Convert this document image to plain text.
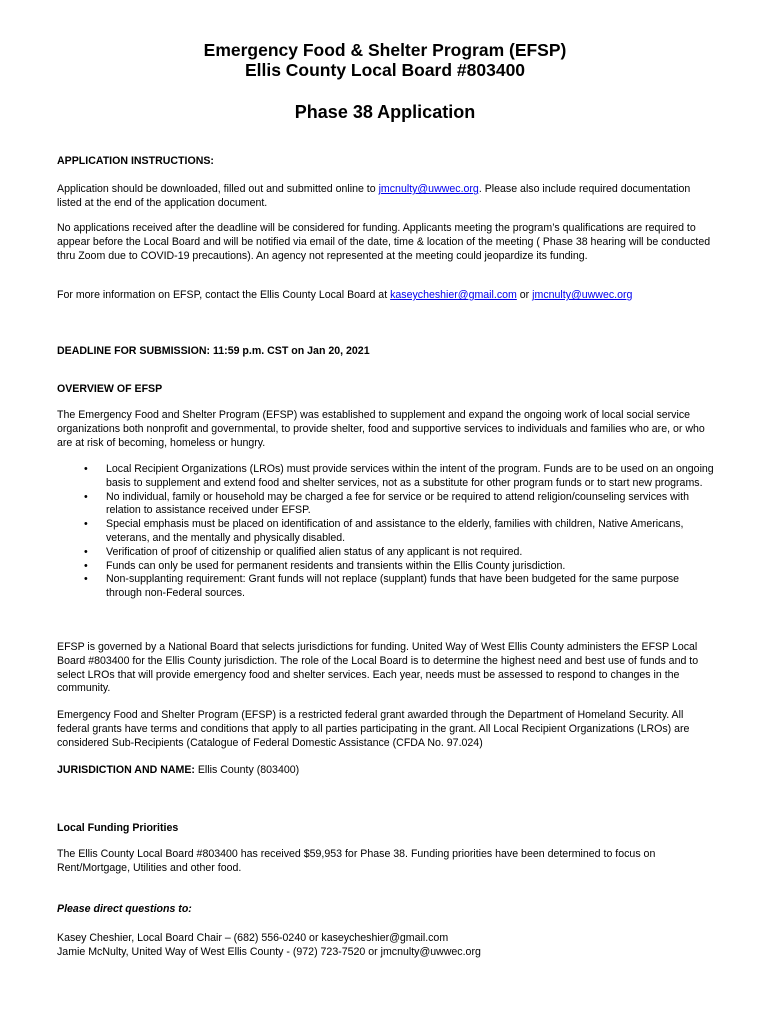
Emergency Food & Shelter Program (EFSP)
Ellis County Local Board #803400
Phase 38 Application
APPLICATION INSTRUCTIONS:
Application should be downloaded, filled out and submitted online to jmcnulty@uwwec.org. Please also include required documentation listed at the end of the application document.
No applications received after the deadline will be considered for funding. Applicants meeting the program’s qualifications are required to appear before the Local Board and will be notified via email of the date, time & location of the meeting ( Phase 38 hearing will be conducted thru Zoom due to COVID-19 precautions). An agency not represented at the meeting could jeopardize its funding.
For more information on EFSP, contact the Ellis County Local Board at kaseycheshier@gmail.com or jmcnulty@uwwec.org
DEADLINE FOR SUBMISSION: 11:59 p.m. CST on Jan 20, 2021
OVERVIEW OF EFSP
The Emergency Food and Shelter Program (EFSP) was established to supplement and expand the ongoing work of local social service organizations both nonprofit and governmental, to provide shelter, food and supportive services to individuals and families who are, or who are at risk of becoming, homeless or hungry.
• Local Recipient Organizations (LROs) must provide services within the intent of the program. Funds are to be used on an ongoing basis to supplement and extend food and shelter services, not as a substitute for other program funds or to start new programs.
• No individual, family or household may be charged a fee for service or be required to attend religion/counseling services with relation to assistance received under EFSP.
• Special emphasis must be placed on identification of and assistance to the elderly, families with children, Native Americans, veterans, and the mentally and physically disabled.
• Verification of proof of citizenship or qualified alien status of any applicant is not required.
• Funds can only be used for permanent residents and transients within the Ellis County jurisdiction.
• Non-supplanting requirement: Grant funds will not replace (supplant) funds that have been budgeted for the same purpose through non-Federal sources.
EFSP is governed by a National Board that selects jurisdictions for funding. United Way of West Ellis County administers the EFSP Local Board #803400 for the Ellis County jurisdiction. The role of the Local Board is to determine the highest need and best use of funds and to select LROs that will provide emergency food and shelter services. Each year, needs must be assessed to respond to changes in the community.
Emergency Food and Shelter Program (EFSP) is a restricted federal grant awarded through the Department of Homeland Security. All federal grants have terms and conditions that apply to all parties participating in the grant. All Local Recipient Organizations (LROs) are considered Sub-Recipients (Catalogue of Federal Domestic Assistance (CFDA No. 97.024)
JURISDICTION AND NAME: Ellis County (803400)
Local Funding Priorities
The Ellis County Local Board #803400 has received $59,953 for Phase 38. Funding priorities have been determined to focus on Rent/Mortgage, Utilities and other food.
Please direct questions to:
Kasey Cheshier, Local Board Chair – (682) 556-0240 or kaseycheshier@gmail.com
Jamie McNulty, United Way of West Ellis County - (972) 723-7520 or jmcnulty@uwwec.org
